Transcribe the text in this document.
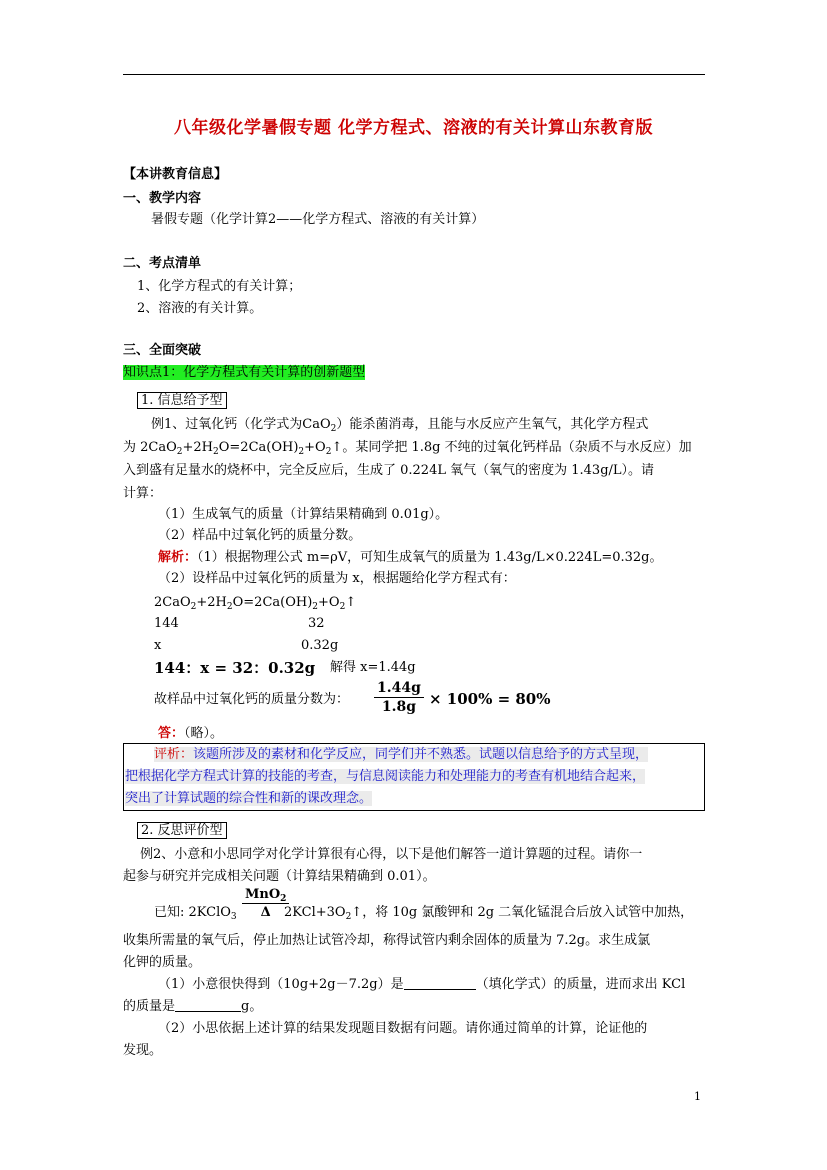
八年级化学暑假专题 化学方程式、溶液的有关计算山东教育版
【本讲教育信息】
一、教学内容
暑假专题（化学计算2——化学方程式、溶液的有关计算）
二、考点清单
1、化学方程式的有关计算；
2、溶液的有关计算。
三、全面突破
知识点1：化学方程式有关计算的创新题型
1. 信息给予型
例1、过氧化钙（化学式为CaO$_2$）能杀菌消毒，且能与水反应产生氧气，其化学方程式
为 $2CaO_2+2H_2O=2Ca(OH)_2+O_2↑$。某同学把 1.8g 不纯的过氧化钙样品（杂质不与水反应）加
入到盛有足量水的烧杯中，完全反应后，生成了 0.224L 氧气（氧气的密度为 1.43g/L）。请
计算：
（1）生成氧气的质量（计算结果精确到 0.01g）。
（2）样品中过氧化钙的质量分数。
解析：（1）根据物理公式 m=ρV，可知生成氧气的质量为 1.43g/L×0.224L=0.32g。
（2）设样品中过氧化钙的质量为 x，根据题给化学方程式有：
$2CaO_2+2H_2O=2Ca(OH)_2+O_2↑$
144	32
x	0.32g
144：x = 32：0.32g 解得 x=1.44g
故样品中过氧化钙的质量分数为： $\frac{1.44g}{1.8g} \times 100\% = 80\%$
答：（略）。
评析：该题所涉及的素材和化学反应，同学们并不熟悉。试题以信息给予的方式呈现，
把根据化学方程式计算的技能的考查，与信息阅读能力和处理能力的考查有机地结合起来，
突出了计算试题的综合性和新的课改理念。
2. 反思评价型
例2、小意和小思同学对化学计算很有心得，以下是他们解答一道计算题的过程。请你一
起参与研究并完成相关问题（计算结果精确到 0.01）。
已知: 2KClO$_3$
MnO$_2$
Δ	$2KCl+3O_2↑$，将 10g 氯酸钾和 2g 二氧化锰混合后放入试管中加热，
收集所需量的氧气后，停止加热让试管冷却，称得试管内剩余固体的质量为 7.2g。求生成氯
化钾的质量。
（1）小意很快得到（10g+2g－7.2g）是	（填化学式）的质量，进而求出 KCl
的质量是	g。
（2）小思依据上述计算的结果发现题目数据有问题。请你通过简单的计算，论证他的
发现。
1
